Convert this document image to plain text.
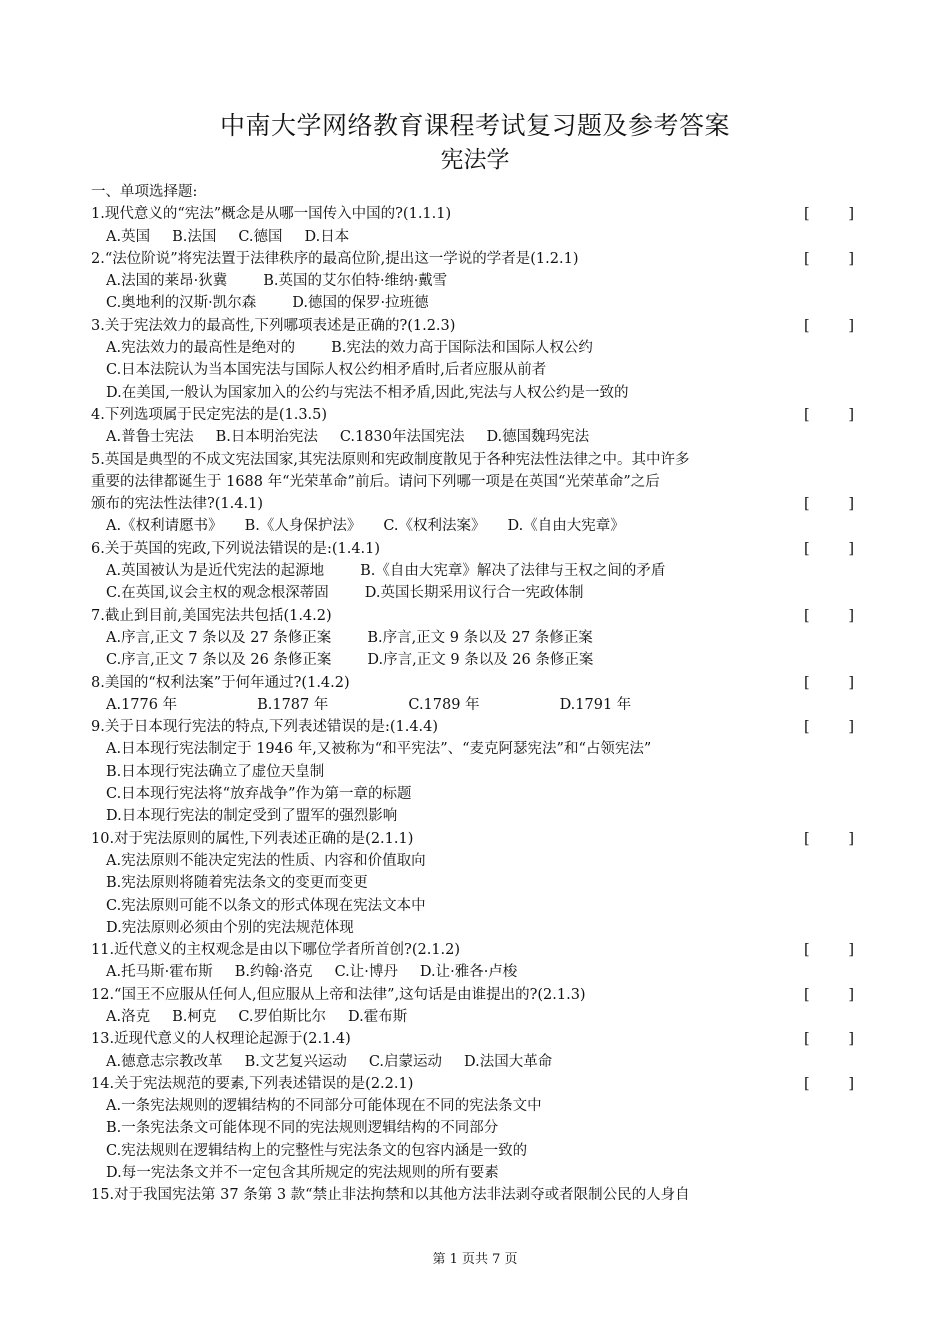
中南大学网络教育课程考试复习题及参考答案
宪法学
一、单项选择题:
1.现代意义的“宪法”概念是从哪一国传入中国的?(1.1.1)	[	]
A.英国 B.法国 C.德国 D.日本
2.“法位阶说”将宪法置于法律秩序的最高位阶,提出这一学说的学者是(1.2.1)	[	]
A.法国的莱昂·狄冀 B.英国的艾尔伯特·维纳·戴雪
C.奥地利的汉斯·凯尔森 D.德国的保罗·拉班德
3.关于宪法效力的最高性,下列哪项表述是正确的?(1.2.3)	[	]
A.宪法效力的最高性是绝对的 B.宪法的效力高于国际法和国际人权公约
C.日本法院认为当本国宪法与国际人权公约相矛盾时,后者应服从前者
D.在美国,一般认为国家加入的公约与宪法不相矛盾,因此,宪法与人权公约是一致的
4.下列选项属于民定宪法的是(1.3.5)	[	]
A.普鲁士宪法 B.日本明治宪法 C.1830年法国宪法 D.德国魏玛宪法
5.英国是典型的不成文宪法国家,其宪法原则和宪政制度散见于各种宪法性法律之中。其中许多
重要的法律都诞生于 1688 年“光荣革命”前后。请问下列哪一项是在英国“光荣革命”之后
颁布的宪法性法律?(1.4.1)	[	]
A.《权利请愿书》 B.《人身保护法》 C.《权利法案》 D.《自由大宪章》
6.关于英国的宪政,下列说法错误的是:(1.4.1)	[	]
A.英国被认为是近代宪法的起源地 B.《自由大宪章》解决了法律与王权之间的矛盾
C.在英国,议会主权的观念根深蒂固 D.英国长期采用议行合一宪政体制
7.截止到目前,美国宪法共包括(1.4.2)	[	]
A.序言,正文 7 条以及 27 条修正案 B.序言,正文 9 条以及 27 条修正案
C.序言,正文 7 条以及 26 条修正案 D.序言,正文 9 条以及 26 条修正案
8.美国的“权利法案”于何年通过?(1.4.2)	[	]
A.1776 年	B.1787 年	C.1789 年	D.1791 年
9.关于日本现行宪法的特点,下列表述错误的是:(1.4.4)	[	]
A.日本现行宪法制定于 1946 年,又被称为“和平宪法”、“麦克阿瑟宪法”和“占领宪法”
B.日本现行宪法确立了虚位天皇制
C.日本现行宪法将“放弃战争”作为第一章的标题
D.日本现行宪法的制定受到了盟军的强烈影响
10.对于宪法原则的属性,下列表述正确的是(2.1.1)	[	]
A.宪法原则不能决定宪法的性质、内容和价值取向
B.宪法原则将随着宪法条文的变更而变更
C.宪法原则可能不以条文的形式体现在宪法文本中
D.宪法原则必须由个别的宪法规范体现
11.近代意义的主权观念是由以下哪位学者所首创?(2.1.2)	[	]
A.托马斯·霍布斯 B.约翰·洛克 C.让·博丹 D.让·雅各·卢梭
12.“国王不应服从任何人,但应服从上帝和法律”,这句话是由谁提出的?(2.1.3)	[	]
A.洛克 B.柯克 C.罗伯斯比尔 D.霍布斯
13.近现代意义的人权理论起源于(2.1.4)	[	]
A.德意志宗教改革 B.文艺复兴运动 C.启蒙运动 D.法国大革命
14.关于宪法规范的要素,下列表述错误的是(2.2.1)	[	]
A.一条宪法规则的逻辑结构的不同部分可能体现在不同的宪法条文中
B.一条宪法条文可能体现不同的宪法规则逻辑结构的不同部分
C.宪法规则在逻辑结构上的完整性与宪法条文的包容内涵是一致的
D.每一宪法条文并不一定包含其所规定的宪法规则的所有要素
15.对于我国宪法第 37 条第 3 款“禁止非法拘禁和以其他方法非法剥夺或者限制公民的人身自
第 1 页共 7 页
